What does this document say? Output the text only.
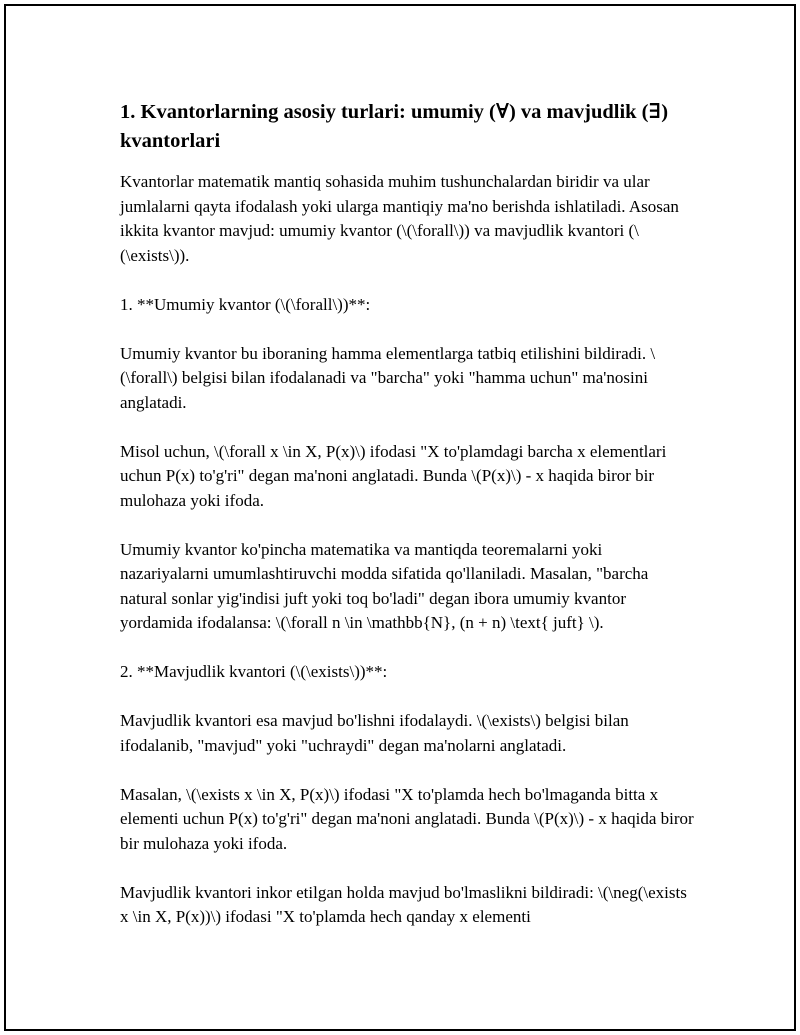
1. Kvantorlarning asosiy turlari: umumiy (∀) va mavjudlik (∃) kvantorlari

Kvantorlar matematik mantiq sohasida muhim tushunchalardan biridir va ular jumlalarni qayta ifodalash yoki ularga mantiqiy ma'no berishda ishlatiladi. Asosan ikkita kvantor mavjud: umumiy kvantor (\(\forall\)) va mavjudlik kvantori (\(\exists\)).

1. **Umumiy kvantor (\(\forall\))**:

Umumiy kvantor bu iboraning hamma elementlarga tatbiq etilishini bildiradi. \(\forall\) belgisi bilan ifodalanadi va "barcha" yoki "hamma uchun" ma'nosini anglatadi.

Misol uchun, \(\forall x \in X, P(x)\) ifodasi "X to'plamdagi barcha x elementlari uchun P(x) to'g'ri" degan ma'noni anglatadi. Bunda \(P(x)\) - x haqida biror bir mulohaza yoki ifoda.

Umumiy kvantor ko'pincha matematika va mantiqda teoremalarni yoki nazariyalarni umumlashtiruvchi modda sifatida qo'llaniladi. Masalan, "barcha natural sonlar yig'indisi juft yoki toq bo'ladi" degan ibora umumiy kvantor yordamida ifodalansa: \(\forall n \in \mathbb{N}, (n + n) \text{ juft} \).

2. **Mavjudlik kvantori (\(\exists\))**:

Mavjudlik kvantori esa mavjud bo'lishni ifodalaydi. \(\exists\) belgisi bilan ifodalanib, "mavjud" yoki "uchraydi" degan ma'nolarni anglatadi.

Masalan, \(\exists x \in X, P(x)\) ifodasi "X to'plamda hech bo'lmaganda bitta x elementi uchun P(x) to'g'ri" degan ma'noni anglatadi. Bunda \(P(x)\) - x haqida biror bir mulohaza yoki ifoda.

Mavjudlik kvantori inkor etilgan holda mavjud bo'lmaslikni bildiradi: \(\neg(\exists x \in X, P(x))\) ifodasi "X to'plamda hech qanday x elementi
